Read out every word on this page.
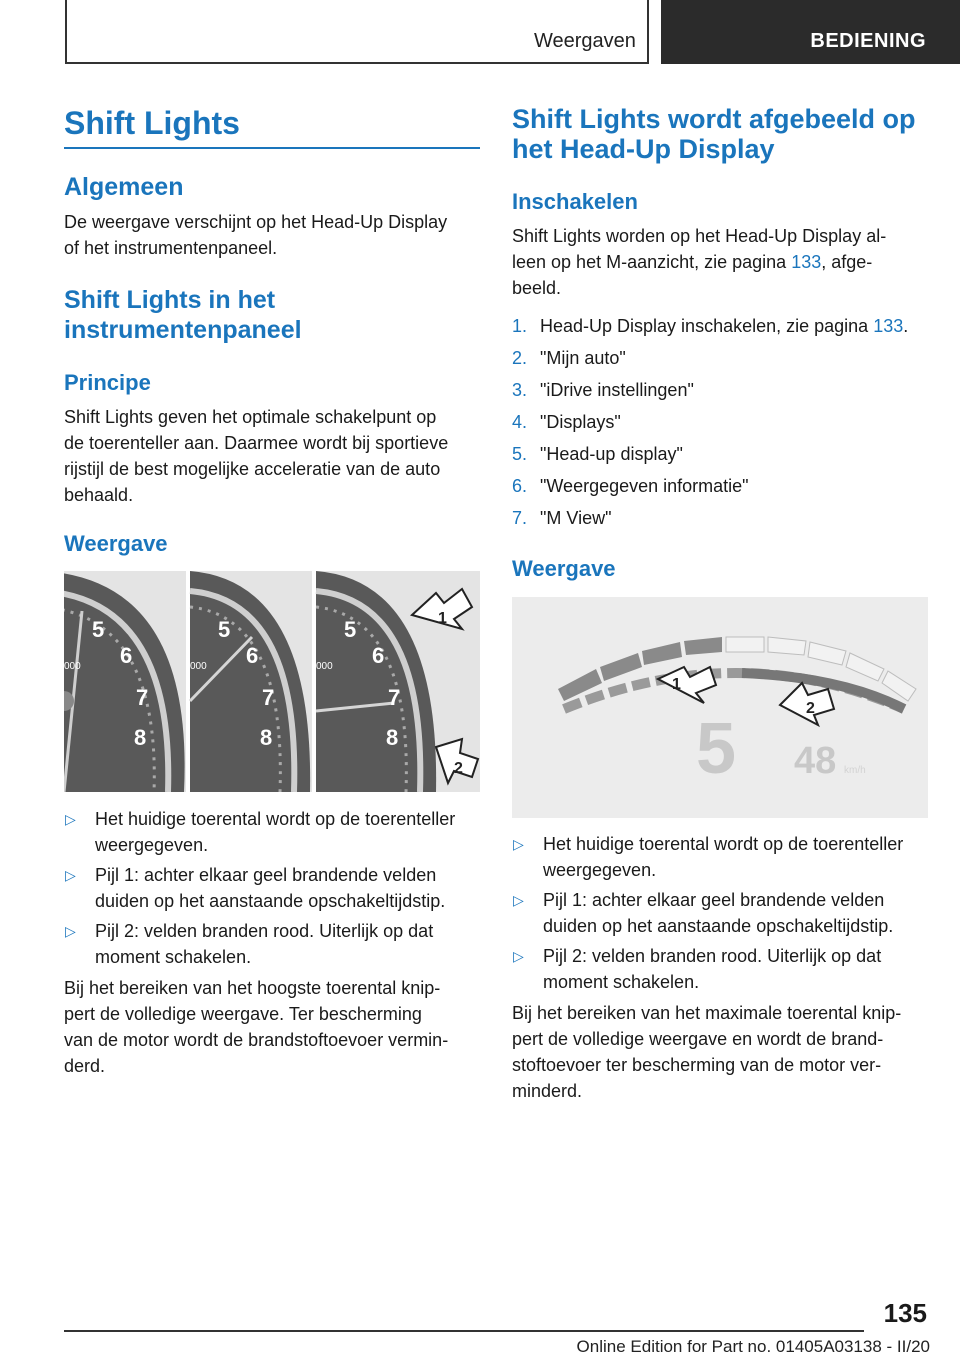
Weergaven	BEDIENING
Shift Lights
Algemeen
De weergave verschijnt op het Head-Up Display
of het instrumentenpaneel.
Shift Lights in het
instrumentenpaneel
Principe
Shift Lights geven het optimale schakelpunt op
de toerenteller aan. Daarmee wordt bij sportieve
rijstijl de best mogelijke acceleratie van de auto
behaald.
Weergave
5
6
7
8
000
5
6
7
8
000
5
6
7
8
000
1
2
▷ Het huidige toerental wordt op de toerenteller
weergegeven.
▷ Pijl 1: achter elkaar geel brandende velden
duiden op het aanstaande opschakeltijdstip.
▷ Pijl 2: velden branden rood. Uiterlijk op dat
moment schakelen.
Bij het bereiken van het hoogste toerental knip-
pert de volledige weergave. Ter bescherming
van de motor wordt de brandstoftoevoer vermin-
derd.
Shift Lights wordt afgebeeld op
het Head-Up Display
Inschakelen
Shift Lights worden op het Head-Up Display al-
leen op het M-aanzicht, zie pagina 133, afge-
beeld.
1. Head-Up Display inschakelen, zie pagina 133.
2. "Mijn auto"
3. "iDrive instellingen"
4. "Displays"
5. "Head-up display"
6. "Weergegeven informatie"
7. "M View"
Weergave
5 48 km/h
1
2
▷ Het huidige toerental wordt op de toerenteller
weergegeven.
▷ Pijl 1: achter elkaar geel brandende velden
duiden op het aanstaande opschakeltijdstip.
▷ Pijl 2: velden branden rood. Uiterlijk op dat
moment schakelen.
Bij het bereiken van het maximale toerental knip-
pert de volledige weergave en wordt de brand-
stoftoevoer ter bescherming van de motor ver-
minderd.
135
Online Edition for Part no. 01405A03138 - II/20
